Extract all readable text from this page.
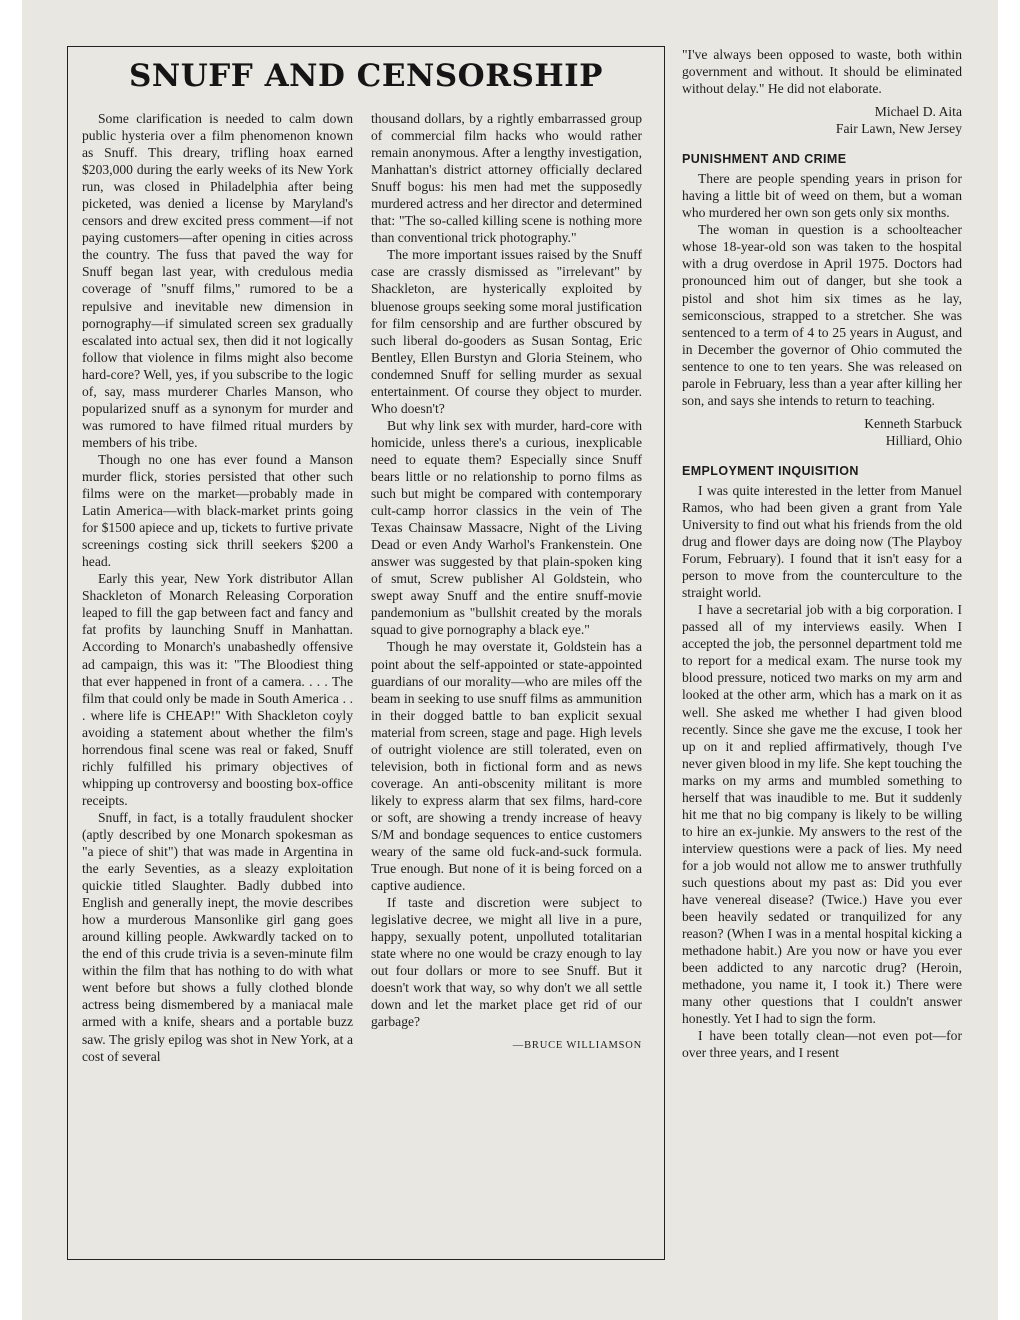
SNUFF AND CENSORSHIP

Some clarification is needed to calm down public hysteria over a film phenomenon known as Snuff. This dreary, trifling hoax earned $203,000 during the early weeks of its New York run, was closed in Philadelphia after being picketed, was denied a license by Maryland's censors and drew excited press comment—if not paying customers—after opening in cities across the country. The fuss that paved the way for Snuff began last year, with credulous media coverage of "snuff films," rumored to be a repulsive and inevitable new dimension in pornography—if simulated screen sex gradually escalated into actual sex, then did it not logically follow that violence in films might also become hard-core? Well, yes, if you subscribe to the logic of, say, mass murderer Charles Manson, who popularized snuff as a synonym for murder and was rumored to have filmed ritual murders by members of his tribe.

Though no one has ever found a Manson murder flick, stories persisted that other such films were on the market—probably made in Latin America—with black-market prints going for $1500 apiece and up, tickets to furtive private screenings costing sick thrill seekers $200 a head.

Early this year, New York distributor Allan Shackleton of Monarch Releasing Corporation leaped to fill the gap between fact and fancy and fat profits by launching Snuff in Manhattan. According to Monarch's unabashedly offensive ad campaign, this was it: "The Bloodiest thing that ever happened in front of a camera. . . . The film that could only be made in South America . . . where life is CHEAP!" With Shackleton coyly avoiding a statement about whether the film's horrendous final scene was real or faked, Snuff richly fulfilled his primary objectives of whipping up controversy and boosting box-office receipts.

Snuff, in fact, is a totally fraudulent shocker (aptly described by one Monarch spokesman as "a piece of shit") that was made in Argentina in the early Seventies, as a sleazy exploitation quickie titled Slaughter. Badly dubbed into English and generally inept, the movie describes how a murderous Mansonlike girl gang goes around killing people. Awkwardly tacked on to the end of this crude trivia is a seven-minute film within the film that has nothing to do with what went before but shows a fully clothed blonde actress being dismembered by a maniacal male armed with a knife, shears and a portable buzz saw. The grisly epilog was shot in New York, at a cost of several

thousand dollars, by a rightly embarrassed group of commercial film hacks who would rather remain anonymous. After a lengthy investigation, Manhattan's district attorney officially declared Snuff bogus: his men had met the supposedly murdered actress and her director and determined that: "The so-called killing scene is nothing more than conventional trick photography."

The more important issues raised by the Snuff case are crassly dismissed as "irrelevant" by Shackleton, are hysterically exploited by bluenose groups seeking some moral justification for film censorship and are further obscured by such liberal do-gooders as Susan Sontag, Eric Bentley, Ellen Burstyn and Gloria Steinem, who condemned Snuff for selling murder as sexual entertainment. Of course they object to murder. Who doesn't?

But why link sex with murder, hard-core with homicide, unless there's a curious, inexplicable need to equate them? Especially since Snuff bears little or no relationship to porno films as such but might be compared with contemporary cult-camp horror classics in the vein of The Texas Chainsaw Massacre, Night of the Living Dead or even Andy Warhol's Frankenstein. One answer was suggested by that plain-spoken king of smut, Screw publisher Al Goldstein, who swept away Snuff and the entire snuff-movie pandemonium as "bullshit created by the morals squad to give pornography a black eye."

Though he may overstate it, Goldstein has a point about the self-appointed or state-appointed guardians of our morality—who are miles off the beam in seeking to use snuff films as ammunition in their dogged battle to ban explicit sexual material from screen, stage and page. High levels of outright violence are still tolerated, even on television, both in fictional form and as news coverage. An anti-obscenity militant is more likely to express alarm that sex films, hard-core or soft, are showing a trendy increase of heavy S/M and bondage sequences to entice customers weary of the same old fuck-and-suck formula. True enough. But none of it is being forced on a captive audience.

If taste and discretion were subject to legislative decree, we might all live in a pure, happy, sexually potent, unpolluted totalitarian state where no one would be crazy enough to lay out four dollars or more to see Snuff. But it doesn't work that way, so why don't we all settle down and let the market place get rid of our garbage?

—BRUCE WILLIAMSON

"I've always been opposed to waste, both within government and without. It should be eliminated without delay." He did not elaborate.

Michael D. Aita
Fair Lawn, New Jersey
PUNISHMENT AND CRIME

There are people spending years in prison for having a little bit of weed on them, but a woman who murdered her own son gets only six months.

The woman in question is a schoolteacher whose 18-year-old son was taken to the hospital with a drug overdose in April 1975. Doctors had pronounced him out of danger, but she took a pistol and shot him six times as he lay, semiconscious, strapped to a stretcher. She was sentenced to a term of 4 to 25 years in August, and in December the governor of Ohio commuted the sentence to one to ten years. She was released on parole in February, less than a year after killing her son, and says she intends to return to teaching.

Kenneth Starbuck
Hilliard, Ohio
EMPLOYMENT INQUISITION

I was quite interested in the letter from Manuel Ramos, who had been given a grant from Yale University to find out what his friends from the old drug and flower days are doing now (The Playboy Forum, February). I found that it isn't easy for a person to move from the counterculture to the straight world.

I have a secretarial job with a big corporation. I passed all of my interviews easily. When I accepted the job, the personnel department told me to report for a medical exam. The nurse took my blood pressure, noticed two marks on my arm and looked at the other arm, which has a mark on it as well. She asked me whether I had given blood recently. Since she gave me the excuse, I took her up on it and replied affirmatively, though I've never given blood in my life. She kept touching the marks on my arms and mumbled something to herself that was inaudible to me. But it suddenly hit me that no big company is likely to be willing to hire an ex-junkie. My answers to the rest of the interview questions were a pack of lies. My need for a job would not allow me to answer truthfully such questions about my past as: Did you ever have venereal disease? (Twice.) Have you ever been heavily sedated or tranquilized for any reason? (When I was in a mental hospital kicking a methadone habit.) Are you now or have you ever been addicted to any narcotic drug? (Heroin, methadone, you name it, I took it.) There were many other questions that I couldn't answer honestly. Yet I had to sign the form.

I have been totally clean—not even pot—for over three years, and I resent
